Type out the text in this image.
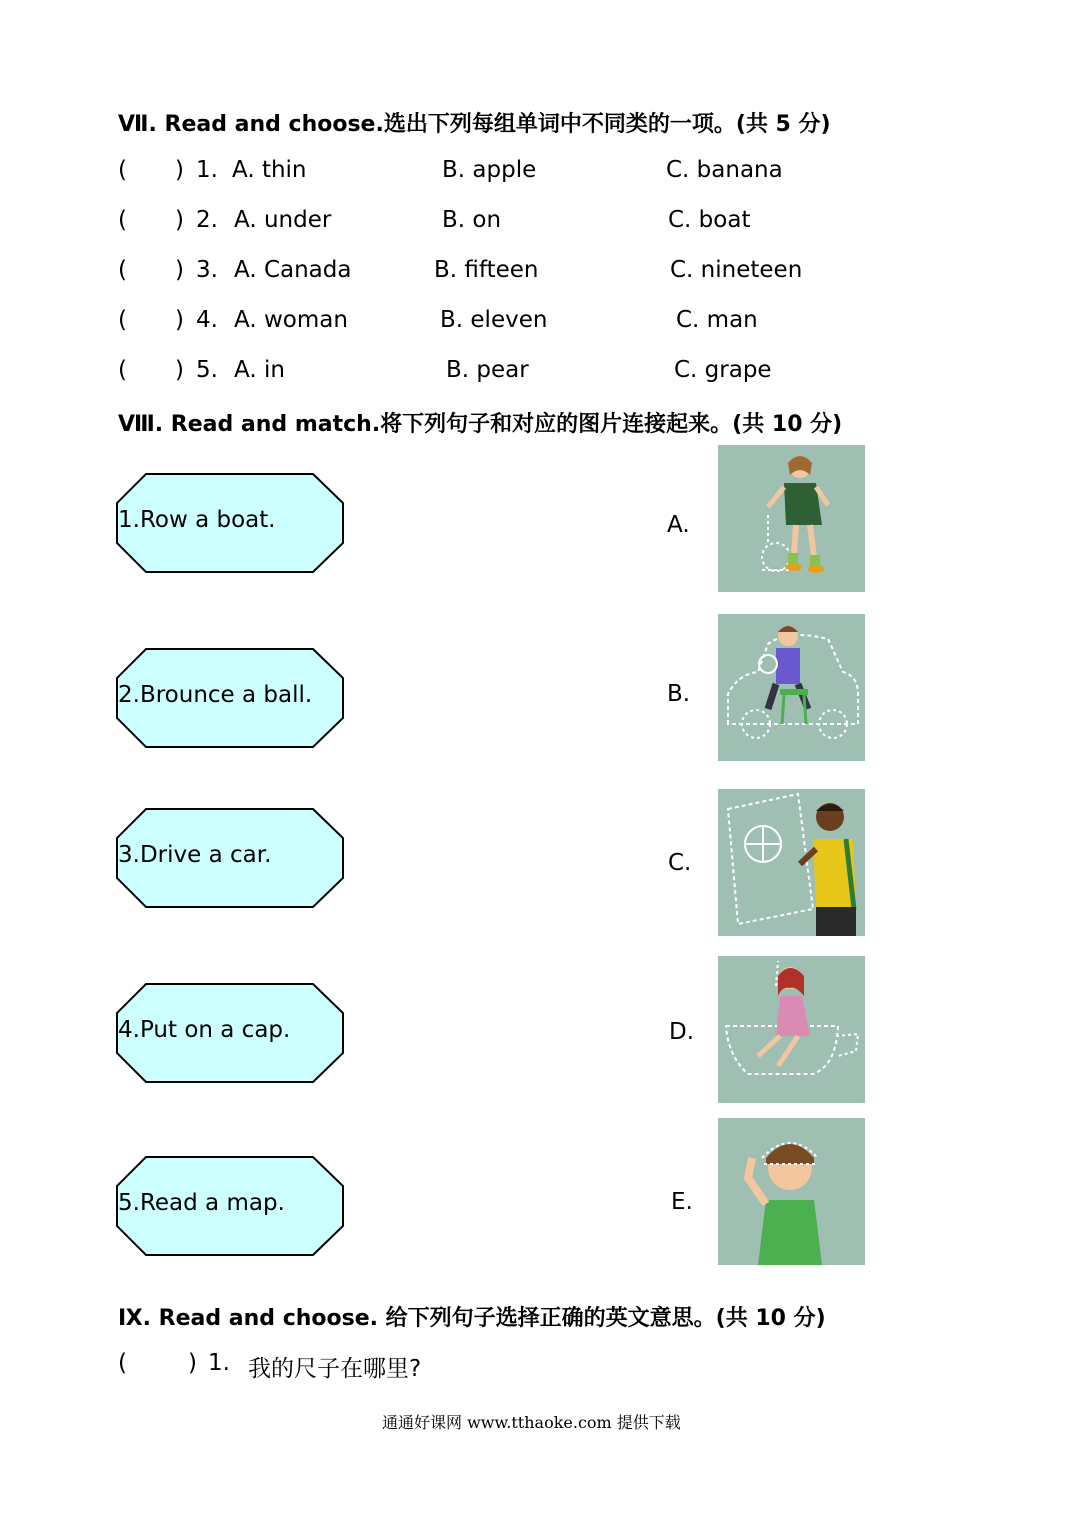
Ⅶ. Read and choose.选出下列每组单词中不同类的一项。(共 5 分)
( ) 1. A. thin	B. apple	C. banana
( ) 2. A. under	B. on	C. boat
( ) 3. A. Canada	B. fifteen	C. nineteen
( ) 4. A. woman	B. eleven	C. man
( ) 5. A. in	B. pear	C. grape
Ⅷ. Read and match.将下列句子和对应的图片连接起来。(共 10 分)
1.Row a boat.
2.Brounce a ball.
3.Drive a car.
4.Put on a cap.
5.Read a map.
A.
B.
C.
D.
E.
Ⅸ. Read and choose. 给下列句子选择正确的英文意思。(共 10 分)
(	) 1. 我的尺子在哪里?
通通好课网 www.tthaoke.com 提供下载
